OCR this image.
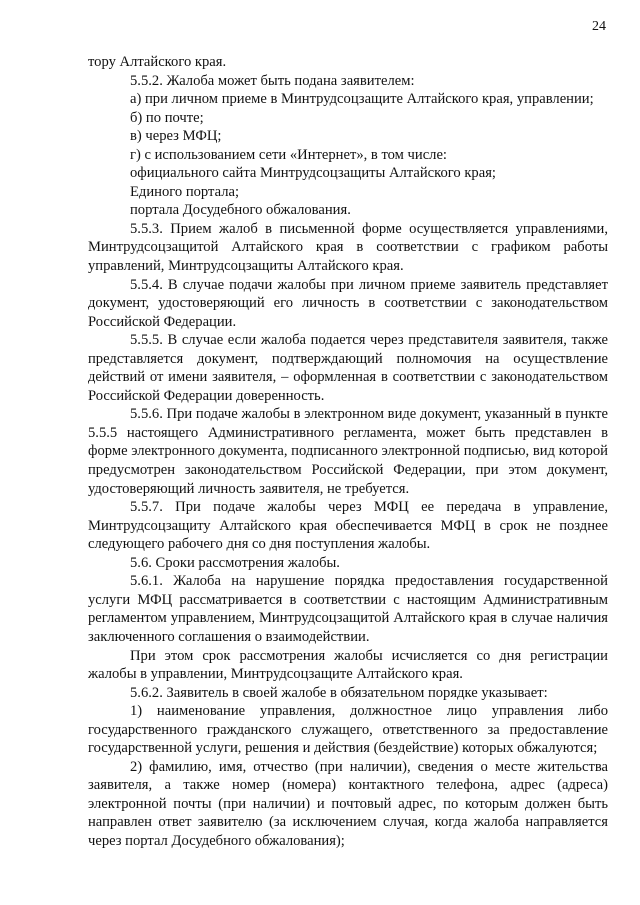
24

тору Алтайского края.

5.5.2. Жалоба может быть подана заявителем:

а) при личном приеме в Минтрудсоцзащите Алтайского края, управлении;

б) по почте;

в) через МФЦ;

г) с использованием сети «Интернет», в том числе:

официального сайта Минтрудсоцзащиты Алтайского края;

Единого портала;

портала Досудебного обжалования.

5.5.3. Прием жалоб в письменной форме осуществляется управлениями, Минтрудсоцзащитой Алтайского края в соответствии с графиком работы управлений, Минтрудсоцзащиты Алтайского края.

5.5.4. В случае подачи жалобы при личном приеме заявитель представляет документ, удостоверяющий его личность в соответствии с законодательством Российской Федерации.

5.5.5. В случае если жалоба подается через представителя заявителя, также представляется документ, подтверждающий полномочия на осуществление действий от имени заявителя, – оформленная в соответствии с законодательством Российской Федерации доверенность.

5.5.6. При подаче жалобы в электронном виде документ, указанный в пункте 5.5.5 настоящего Административного регламента, может быть представлен в форме электронного документа, подписанного электронной подписью, вид которой предусмотрен законодательством Российской Федерации, при этом документ, удостоверяющий личность заявителя, не требуется.

5.5.7. При подаче жалобы через МФЦ ее передача в управление, Минтрудсоцзащиту Алтайского края обеспечивается МФЦ в срок не позднее следующего рабочего дня со дня поступления жалобы.

5.6. Сроки рассмотрения жалобы.

5.6.1. Жалоба на нарушение порядка предоставления государственной услуги МФЦ рассматривается в соответствии с настоящим Административным регламентом управлением, Минтрудсоцзащитой Алтайского края в случае наличия заключенного соглашения о взаимодействии.

При этом срок рассмотрения жалобы исчисляется со дня регистрации жалобы в управлении, Минтрудсоцзащите Алтайского края.

5.6.2. Заявитель в своей жалобе в обязательном порядке указывает:

1) наименование управления, должностное лицо управления либо государственного гражданского служащего, ответственного за предоставление государственной услуги, решения и действия (бездействие) которых обжалуются;

2) фамилию, имя, отчество (при наличии), сведения о месте жительства заявителя, а также номер (номера) контактного телефона, адрес (адреса) электронной почты (при наличии) и почтовый адрес, по которым должен быть направлен ответ заявителю (за исключением случая, когда жалоба направляется через портал Досудебного обжалования);
